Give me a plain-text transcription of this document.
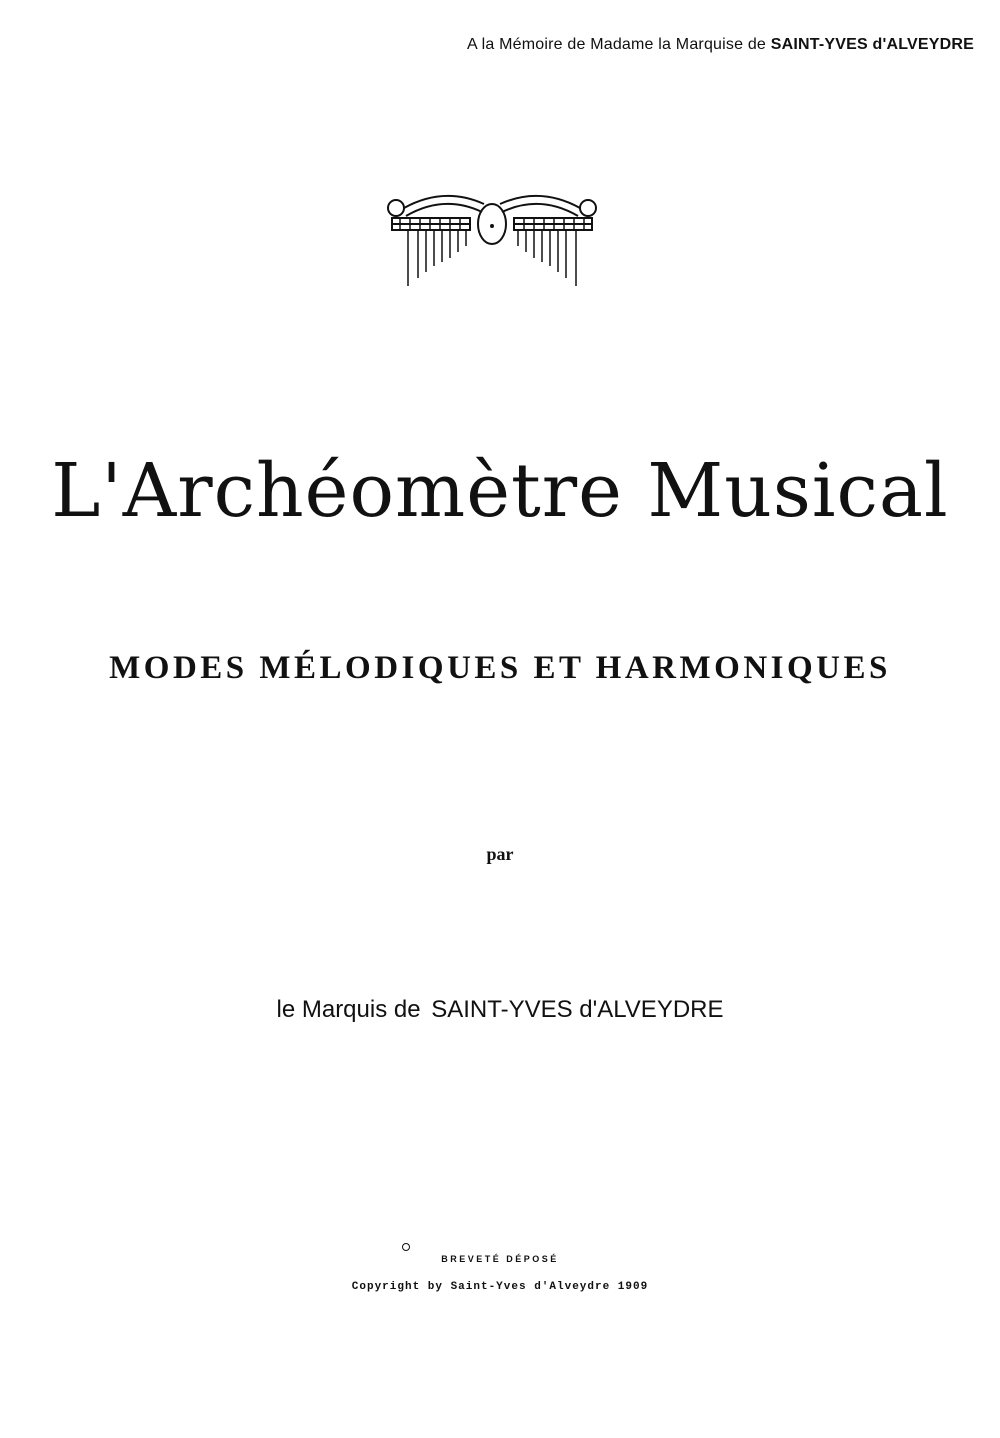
A la Mémoire de Madame la Marquise de SAINT-YVES d'ALVEYDRE
L'Archéomètre Musical
MODES MÉLODIQUES ET HARMONIQUES
par
le Marquis de SAINT-YVES d'ALVEYDRE
BREVETÉ DÉPOSÉ
Copyright by Saint-Yves d'Alveydre 1909
